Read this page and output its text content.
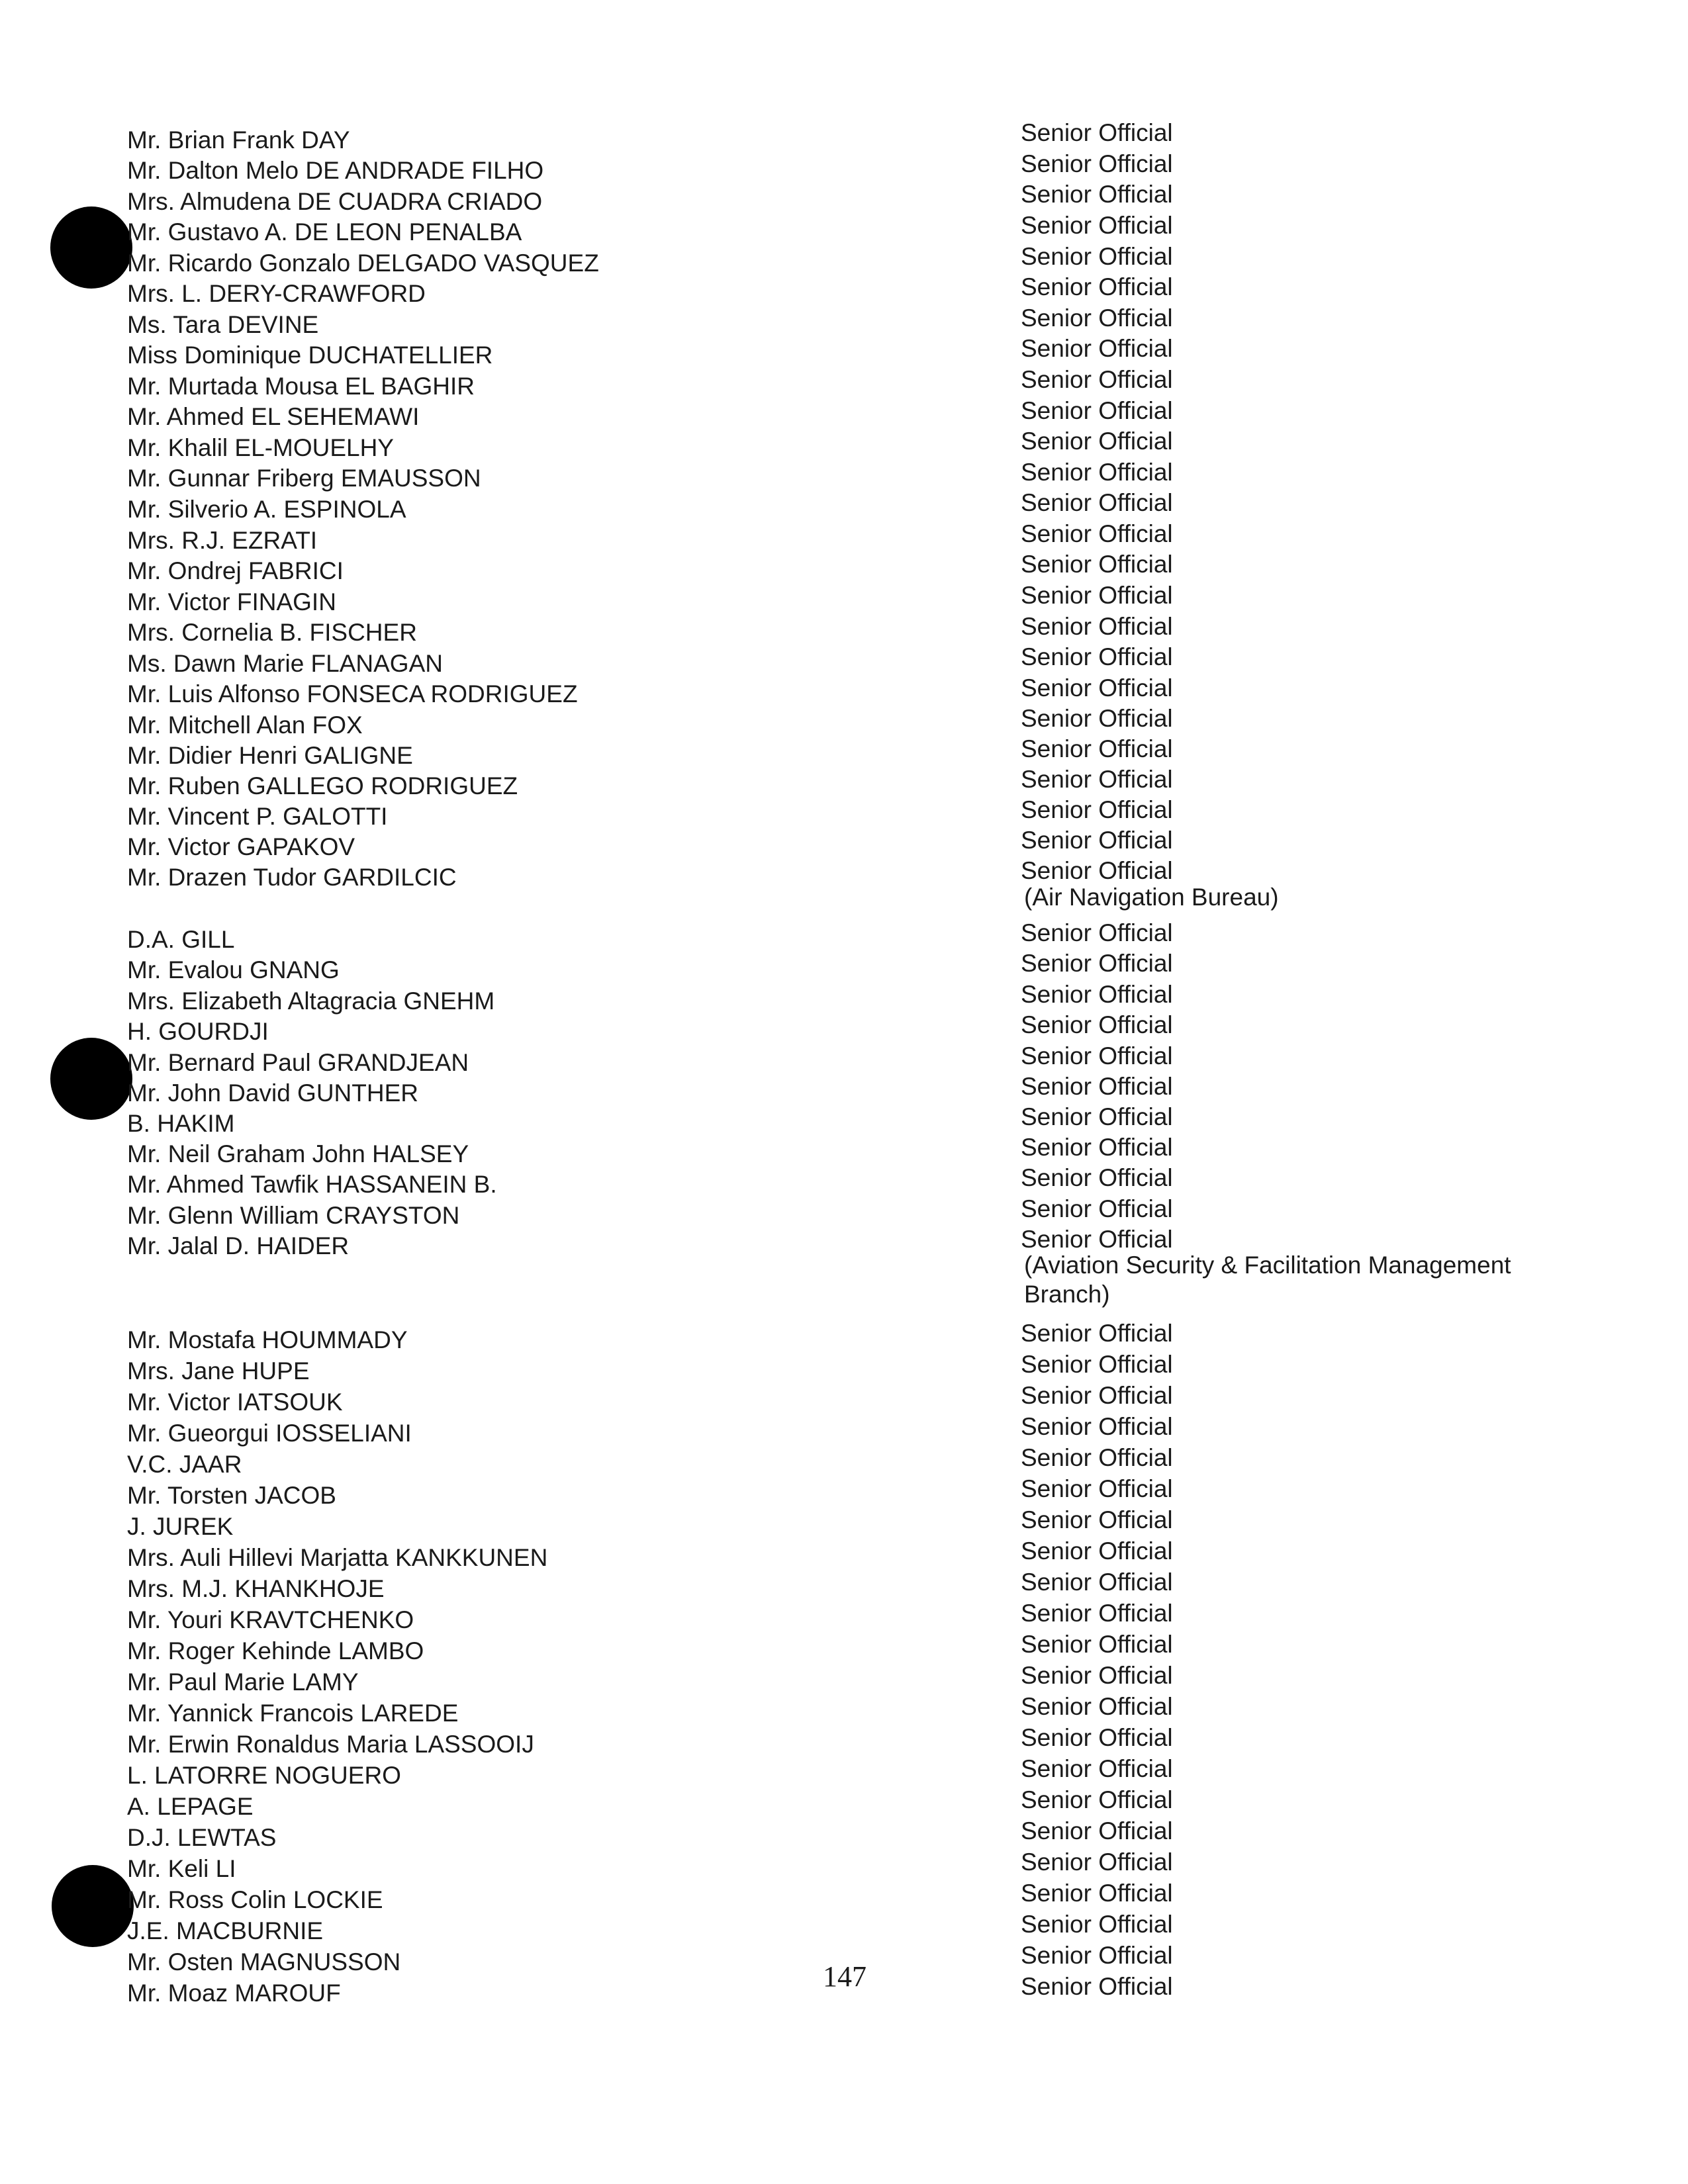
Mr. Brian Frank DAY	Senior Official
Mr. Dalton Melo DE ANDRADE FILHO	Senior Official
Mrs. Almudena DE CUADRA CRIADO	Senior Official
Mr. Gustavo A. DE LEON PENALBA	Senior Official
Mr. Ricardo Gonzalo DELGADO VASQUEZ	Senior Official
Mrs. L. DERY-CRAWFORD	Senior Official
Ms. Tara DEVINE	Senior Official
Miss Dominique DUCHATELLIER	Senior Official
Mr. Murtada Mousa EL BAGHIR	Senior Official
Mr. Ahmed EL SEHEMAWI	Senior Official
Mr. Khalil EL-MOUELHY	Senior Official
Mr. Gunnar Friberg EMAUSSON	Senior Official
Mr. Silverio A. ESPINOLA	Senior Official
Mrs. R.J. EZRATI	Senior Official
Mr. Ondrej FABRICI	Senior Official
Mr. Victor FINAGIN	Senior Official
Mrs. Cornelia B. FISCHER	Senior Official
Ms. Dawn Marie FLANAGAN	Senior Official
Mr. Luis Alfonso FONSECA RODRIGUEZ	Senior Official
Mr. Mitchell Alan FOX	Senior Official
Mr. Didier Henri GALIGNE	Senior Official
Mr. Ruben GALLEGO RODRIGUEZ	Senior Official
Mr. Vincent P. GALOTTI	Senior Official
Mr. Victor GAPAKOV	Senior Official
Mr. Drazen Tudor GARDILCIC	Senior Official
(Air Navigation Bureau)
D.A. GILL	Senior Official
Mr. Evalou GNANG	Senior Official
Mrs. Elizabeth Altagracia GNEHM	Senior Official
H. GOURDJI	Senior Official
Mr. Bernard Paul GRANDJEAN	Senior Official
Mr. John David GUNTHER	Senior Official
B. HAKIM	Senior Official
Mr. Neil Graham John HALSEY	Senior Official
Mr. Ahmed Tawfik HASSANEIN B.	Senior Official
Mr. Glenn William CRAYSTON	Senior Official
Mr. Jalal D. HAIDER	Senior Official
(Aviation Security & Facilitation Management
Branch)
Mr. Mostafa HOUMMADY	Senior Official
Mrs. Jane HUPE	Senior Official
Mr. Victor IATSOUK	Senior Official
Mr. Gueorgui IOSSELIANI	Senior Official
V.C. JAAR	Senior Official
Mr. Torsten JACOB	Senior Official
J. JUREK	Senior Official
Mrs. Auli Hillevi Marjatta KANKKUNEN	Senior Official
Mrs. M.J. KHANKHOJE	Senior Official
Mr. Youri KRAVTCHENKO	Senior Official
Mr. Roger Kehinde LAMBO	Senior Official
Mr. Paul Marie LAMY	Senior Official
Mr. Yannick Francois LAREDE	Senior Official
Mr. Erwin Ronaldus Maria LASSOOIJ	Senior Official
L. LATORRE NOGUERO	Senior Official
A. LEPAGE	Senior Official
D.J. LEWTAS	Senior Official
Mr. Keli LI	Senior Official
Mr. Ross Colin LOCKIE	Senior Official
J.E. MACBURNIE	Senior Official
Mr. Osten MAGNUSSON	Senior Official
Mr. Moaz MAROUF	Senior Official
147
